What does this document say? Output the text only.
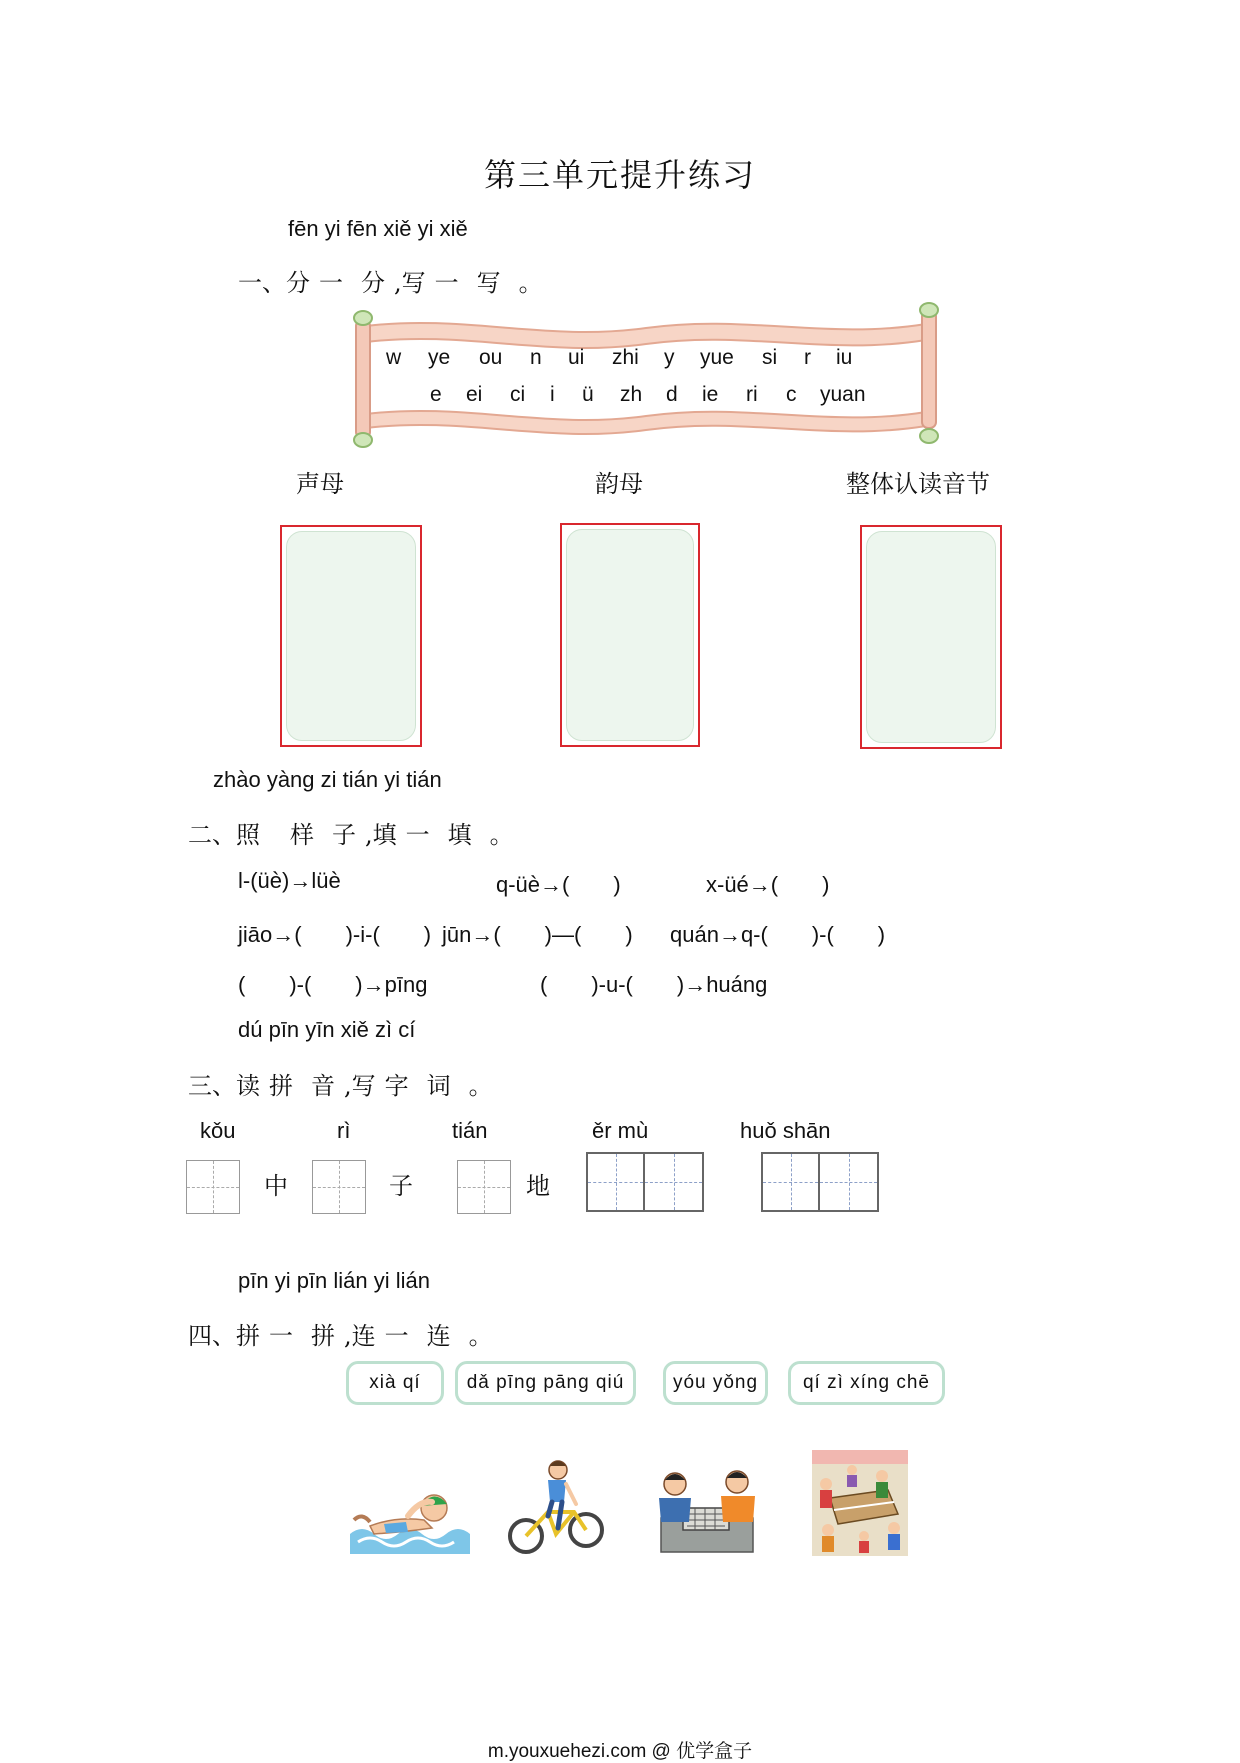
第三单元提升练习
fēn yi fēn xiě yi xiě
一、分 一 分 ,写 一 写 。
w ye ou n ui zhi y yue si r iu
e ei ci i ü zh d ie ri c yuan
声母	韵母	整体认读音节
zhào yàng zi tián yi tián
二、照 样 子 ,填 一 填 。
l-(üè)→lüè	q-üè→(　　)	x-üé→(　　)
jiāo→(　　)-i-(　　) jūn→(　　)—(　　) quán→q-(　　)-(　　)
(　　)-(　　)→pīng	(　　)-u-(　　)→huáng
dú pīn yīn xiě zì cí
三、读 拼 音 ,写 字 词 。
kǒu	rì	tián	ěr mù	huǒ shān
中	子	地
pīn yi pīn lián yi lián
四、拼 一 拼 ,连 一 连 。
xià qí	dǎ pīng pāng qiú	yóu yǒng	qí zì xíng chē
m.youxuehezi.com @ 优学盒子
